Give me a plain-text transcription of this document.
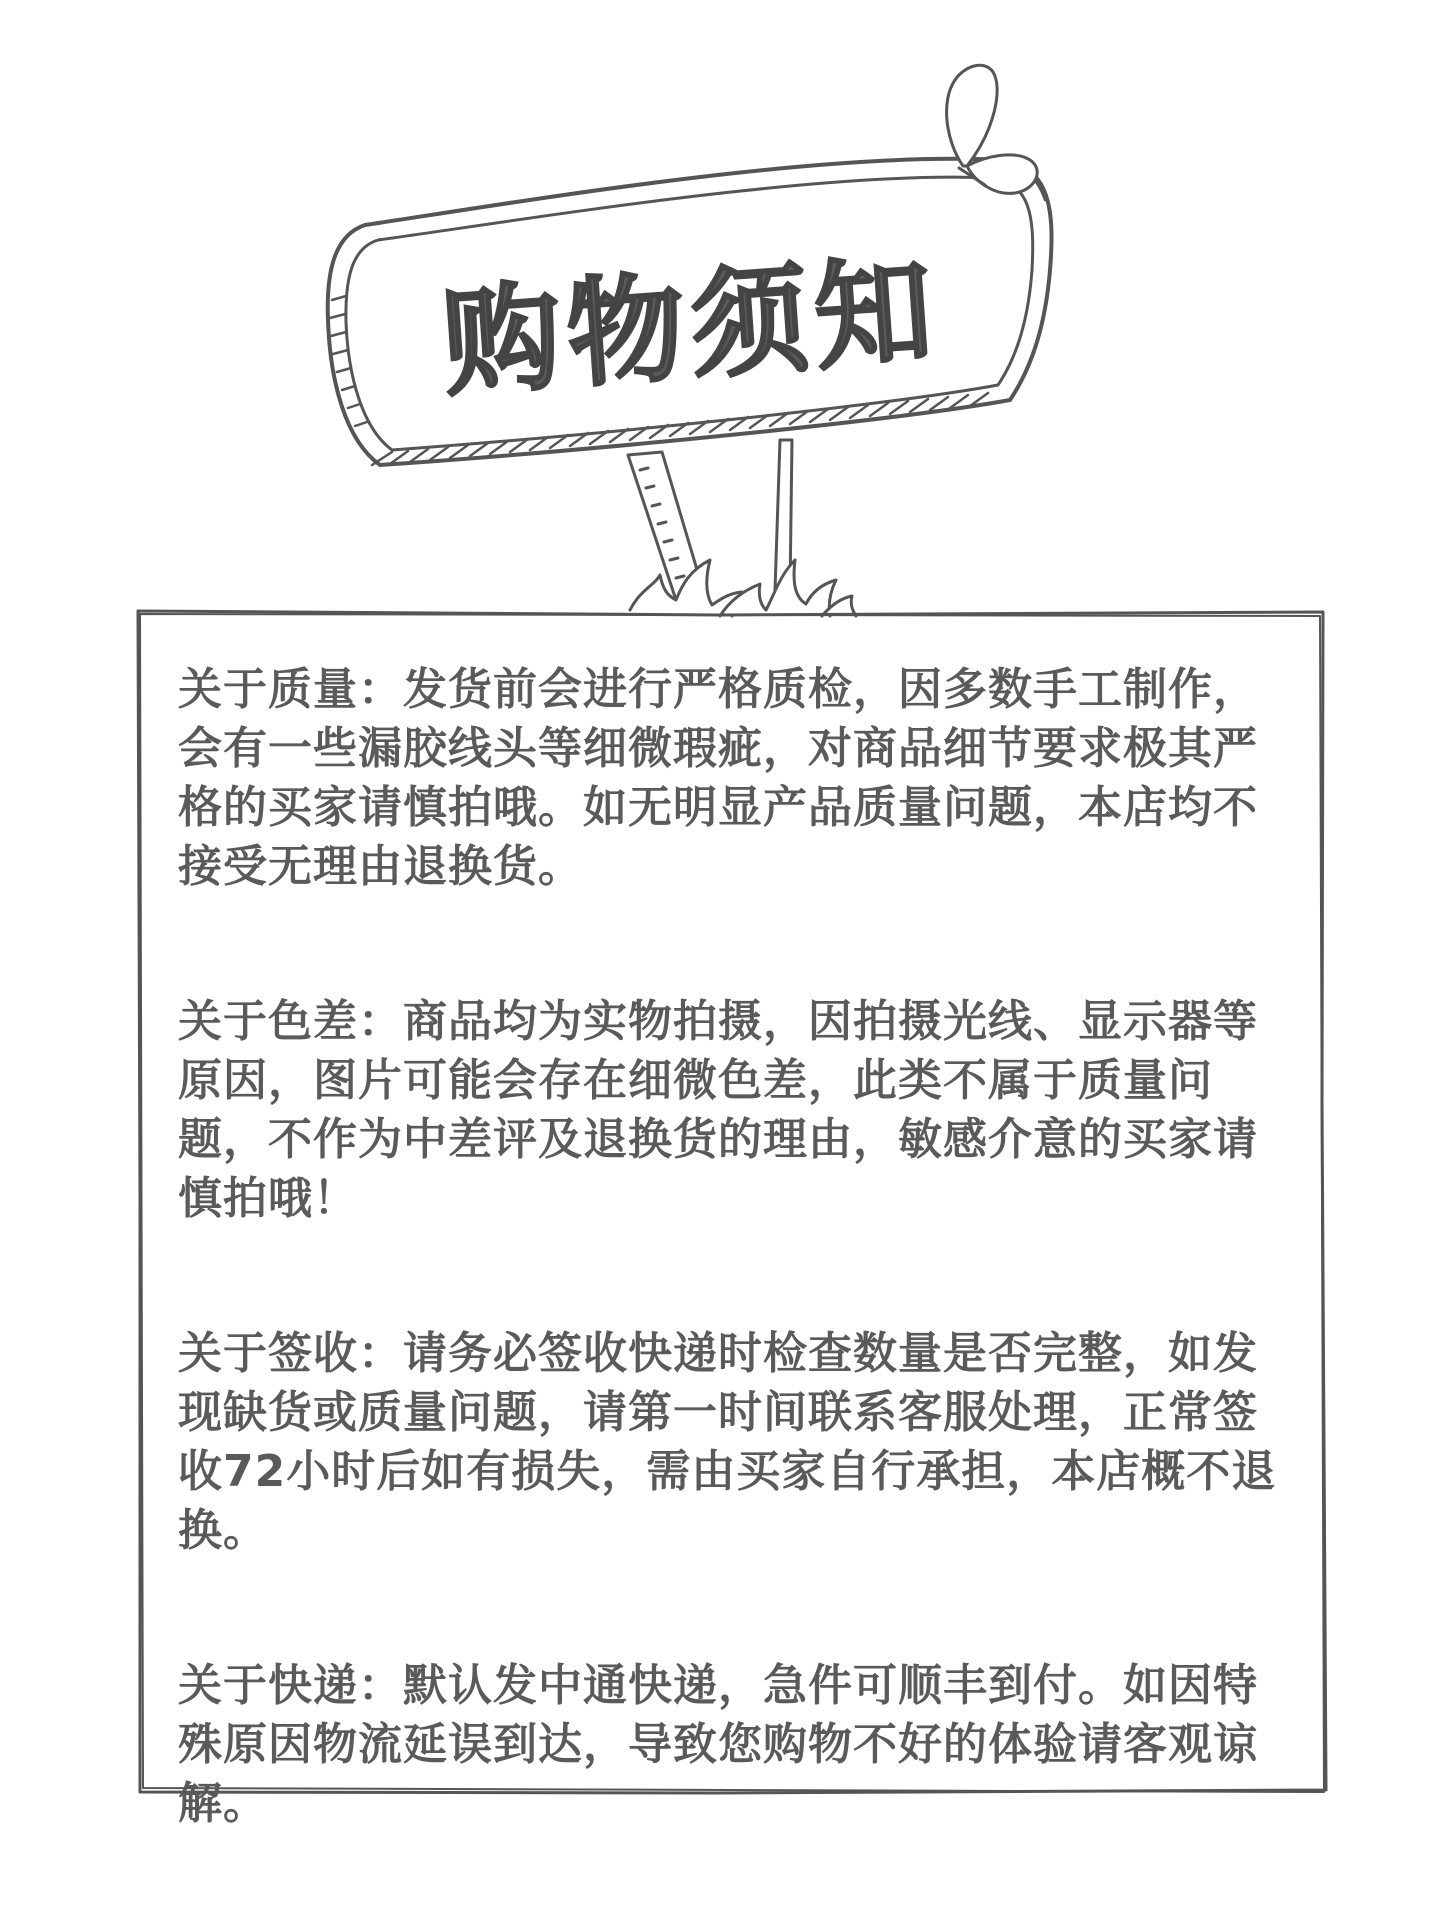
购物须知

关于质量：发货前会进行严格质检，因多数手工制作，会有一些漏胶线头等细微瑕疵，对商品细节要求极其严格的买家请慎拍哦。如无明显产品质量问题，本店均不接受无理由退换货。

关于色差：商品均为实物拍摄，因拍摄光线、显示器等原因，图片可能会存在细微色差，此类不属于质量问题，不作为中差评及退换货的理由，敏感介意的买家请慎拍哦！

关于签收：请务必签收快递时检查数量是否完整，如发现缺货或质量问题，请第一时间联系客服处理，正常签收72小时后如有损失，需由买家自行承担，本店概不退换。

关于快递：默认发中通快递，急件可顺丰到付。如因特殊原因物流延误到达，导致您购物不好的体验请客观谅解。
